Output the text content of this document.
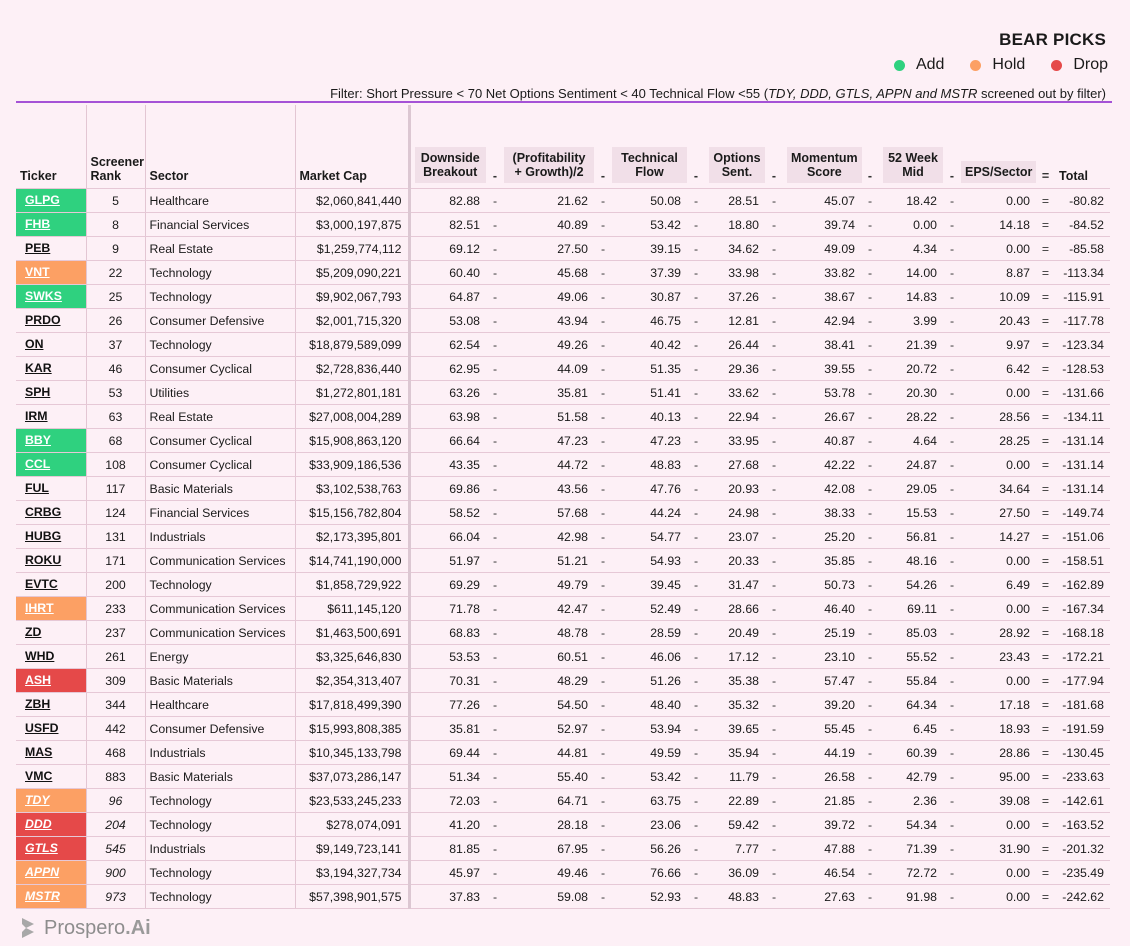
BEAR PICKS
Add	Hold	Drop
Filter: Short Pressure < 70 Net Options Sentiment < 40 Technical Flow <55 (TDY, DDD, GTLS, APPN and MSTR screened out by filter)
Ticker	Screener Rank	Sector	Market Cap	Downside Breakout	-	(Profitability + Growth)/2	-	Technical Flow	-	Options Sent.	-	Momentum Score	-	52 Week Mid	-	EPS/Sector	=	Total

GLPG	5	Healthcare	$2,060,841,440	82.88	-	21.62	-	50.08	-	28.51	-	45.07	-	18.42	-	0.00	=	-80.82

FHB	8	Financial Services	$3,000,197,875	82.51	-	40.89	-	53.42	-	18.80	-	39.74	-	0.00	-	14.18	=	-84.52

PEB	9	Real Estate	$1,259,774,112	69.12	-	27.50	-	39.15	-	34.62	-	49.09	-	4.34	-	0.00	=	-85.58

VNT	22	Technology	$5,209,090,221	60.40	-	45.68	-	37.39	-	33.98	-	33.82	-	14.00	-	8.87	=	-113.34

SWKS	25	Technology	$9,902,067,793	64.87	-	49.06	-	30.87	-	37.26	-	38.67	-	14.83	-	10.09	=	-115.91

PRDO	26	Consumer Defensive	$2,001,715,320	53.08	-	43.94	-	46.75	-	12.81	-	42.94	-	3.99	-	20.43	=	-117.78

ON	37	Technology	$18,879,589,099	62.54	-	49.26	-	40.42	-	26.44	-	38.41	-	21.39	-	9.97	=	-123.34

KAR	46	Consumer Cyclical	$2,728,836,440	62.95	-	44.09	-	51.35	-	29.36	-	39.55	-	20.72	-	6.42	=	-128.53

SPH	53	Utilities	$1,272,801,181	63.26	-	35.81	-	51.41	-	33.62	-	53.78	-	20.30	-	0.00	=	-131.66

IRM	63	Real Estate	$27,008,004,289	63.98	-	51.58	-	40.13	-	22.94	-	26.67	-	28.22	-	28.56	=	-134.11

BBY	68	Consumer Cyclical	$15,908,863,120	66.64	-	47.23	-	47.23	-	33.95	-	40.87	-	4.64	-	28.25	=	-131.14

CCL	108	Consumer Cyclical	$33,909,186,536	43.35	-	44.72	-	48.83	-	27.68	-	42.22	-	24.87	-	0.00	=	-131.14

FUL	117	Basic Materials	$3,102,538,763	69.86	-	43.56	-	47.76	-	20.93	-	42.08	-	29.05	-	34.64	=	-131.14

CRBG	124	Financial Services	$15,156,782,804	58.52	-	57.68	-	44.24	-	24.98	-	38.33	-	15.53	-	27.50	=	-149.74

HUBG	131	Industrials	$2,173,395,801	66.04	-	42.98	-	54.77	-	23.07	-	25.20	-	56.81	-	14.27	=	-151.06

ROKU	171	Communication Services	$14,741,190,000	51.97	-	51.21	-	54.93	-	20.33	-	35.85	-	48.16	-	0.00	=	-158.51

EVTC	200	Technology	$1,858,729,922	69.29	-	49.79	-	39.45	-	31.47	-	50.73	-	54.26	-	6.49	=	-162.89

IHRT	233	Communication Services	$611,145,120	71.78	-	42.47	-	52.49	-	28.66	-	46.40	-	69.11	-	0.00	=	-167.34

ZD	237	Communication Services	$1,463,500,691	68.83	-	48.78	-	28.59	-	20.49	-	25.19	-	85.03	-	28.92	=	-168.18

WHD	261	Energy	$3,325,646,830	53.53	-	60.51	-	46.06	-	17.12	-	23.10	-	55.52	-	23.43	=	-172.21

ASH	309	Basic Materials	$2,354,313,407	70.31	-	48.29	-	51.26	-	35.38	-	57.47	-	55.84	-	0.00	=	-177.94

ZBH	344	Healthcare	$17,818,499,390	77.26	-	54.50	-	48.40	-	35.32	-	39.20	-	64.34	-	17.18	=	-181.68

USFD	442	Consumer Defensive	$15,993,808,385	35.81	-	52.97	-	53.94	-	39.65	-	55.45	-	6.45	-	18.93	=	-191.59

MAS	468	Industrials	$10,345,133,798	69.44	-	44.81	-	49.59	-	35.94	-	44.19	-	60.39	-	28.86	=	-130.45

VMC	883	Basic Materials	$37,073,286,147	51.34	-	55.40	-	53.42	-	11.79	-	26.58	-	42.79	-	95.00	=	-233.63

TDY	96	Technology	$23,533,245,233	72.03	-	64.71	-	63.75	-	22.89	-	21.85	-	2.36	-	39.08	=	-142.61

DDD	204	Technology	$278,074,091	41.20	-	28.18	-	23.06	-	59.42	-	39.72	-	54.34	-	0.00	=	-163.52

GTLS	545	Industrials	$9,149,723,141	81.85	-	67.95	-	56.26	-	7.77	-	47.88	-	71.39	-	31.90	=	-201.32

APPN	900	Technology	$3,194,327,734	45.97	-	49.46	-	76.66	-	36.09	-	46.54	-	72.72	-	0.00	=	-235.49

MSTR	973	Technology	$57,398,901,575	37.83	-	59.08	-	52.93	-	48.83	-	27.63	-	91.98	-	0.00	=	-242.62
Prospero.Ai
